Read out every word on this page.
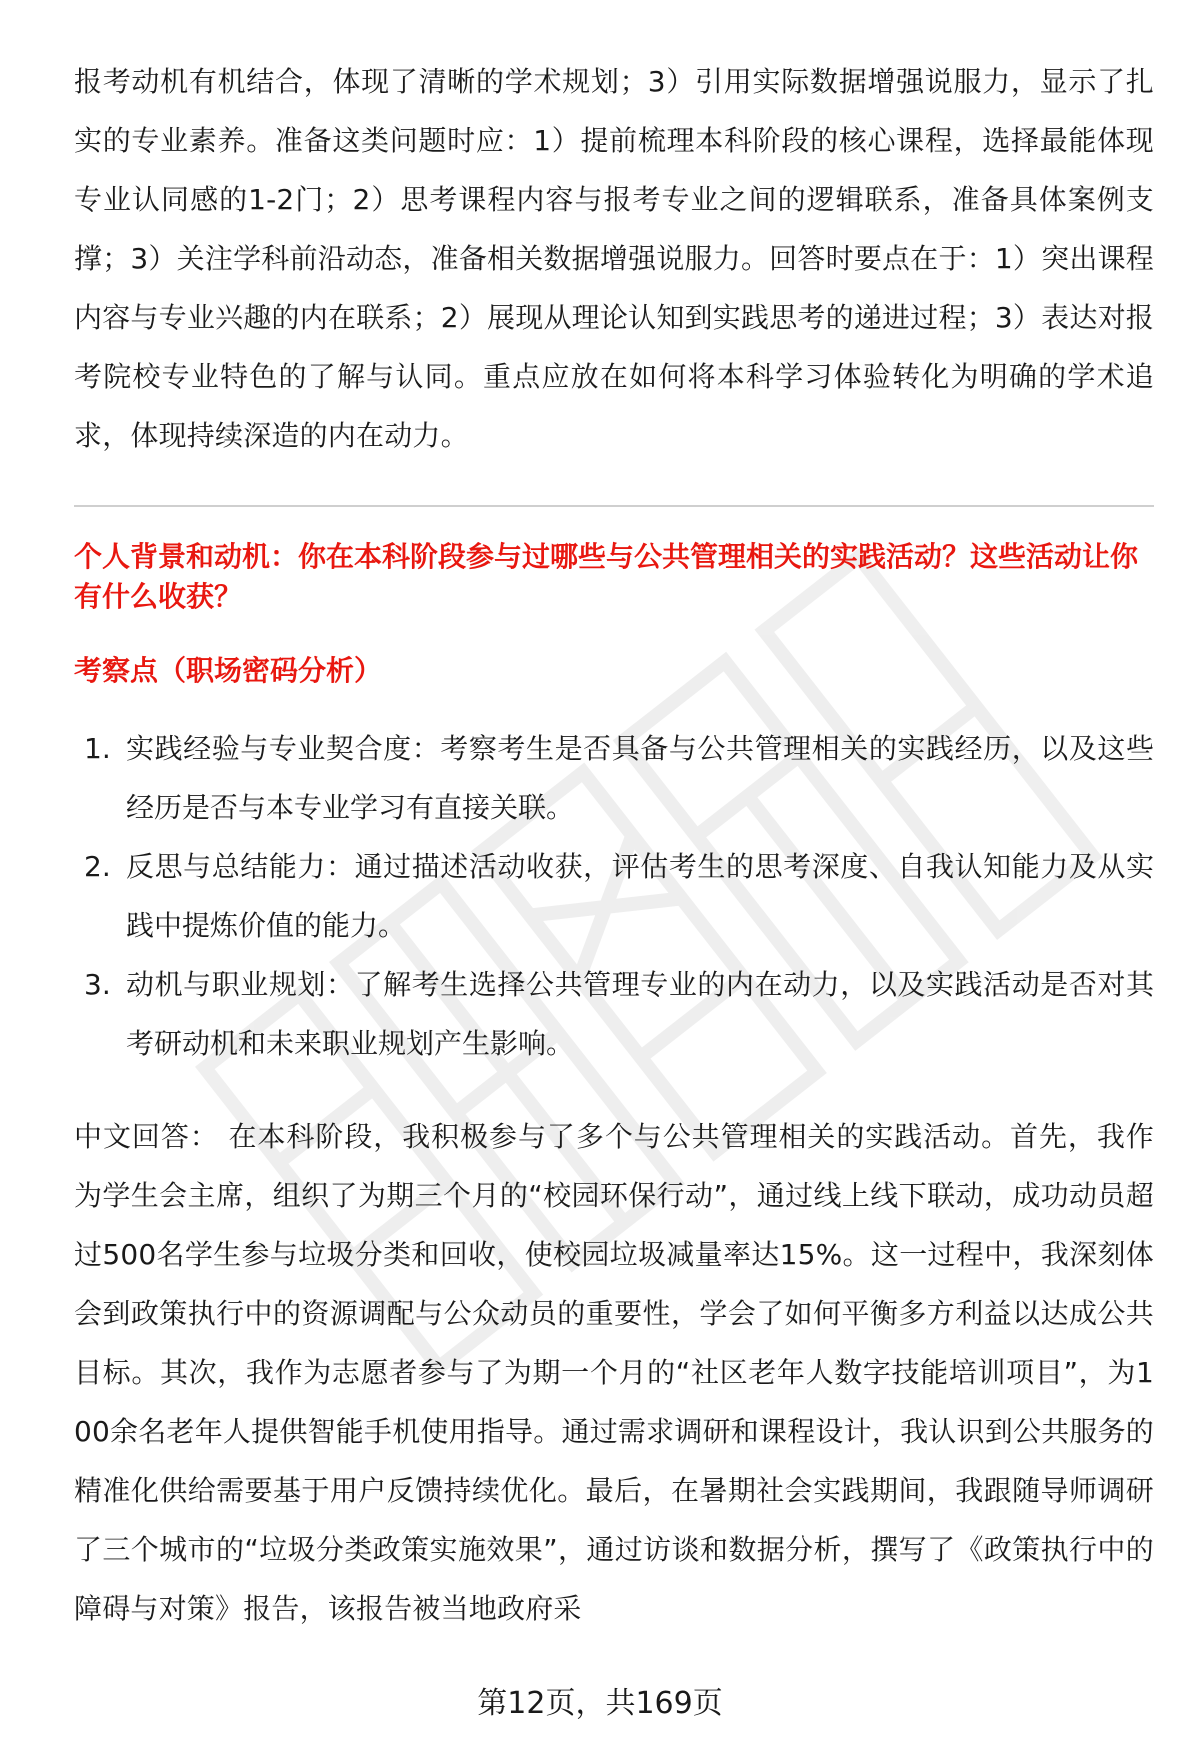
报考动机有机结合，体现了清晰的学术规划；3）引用实际数据增强说服力，显示了扎实的专业素养。准备这类问题时应：1）提前梳理本科阶段的核心课程，选择最能体现专业认同感的1-2门；2）思考课程内容与报考专业之间的逻辑联系，准备具体案例支撑；3）关注学科前沿动态，准备相关数据增强说服力。回答时要点在于：1）突出课程内容与专业兴趣的内在联系；2）展现从理论认知到实践思考的递进过程；3）表达对报考院校专业特色的了解与认同。重点应放在如何将本科学习体验转化为明确的学术追求，体现持续深造的内在动力。

个人背景和动机：你在本科阶段参与过哪些与公共管理相关的实践活动？这些活动让你有什么收获？
考察点（职场密码分析）
1. 实践经验与专业契合度：考察考生是否具备与公共管理相关的实践经历，以及这些经历是否与本专业学习有直接关联。
2. 反思与总结能力：通过描述活动收获，评估考生的思考深度、自我认知能力及从实践中提炼价值的能力。
3. 动机与职业规划：了解考生选择公共管理专业的内在动力，以及实践活动是否对其考研动机和未来职业规划产生影响。

中文回答： 在本科阶段，我积极参与了多个与公共管理相关的实践活动。首先，我作为学生会主席，组织了为期三个月的“校园环保行动”，通过线上线下联动，成功动员超过500名学生参与垃圾分类和回收，使校园垃圾减量率达15%。这一过程中，我深刻体会到政策执行中的资源调配与公众动员的重要性，学会了如何平衡多方利益以达成公共目标。其次，我作为志愿者参与了为期一个月的“社区老年人数字技能培训项目”，为100余名老年人提供智能手机使用指导。通过需求调研和课程设计，我认识到公共服务的精准化供给需要基于用户反馈持续优化。最后，在暑期社会实践期间，我跟随导师调研了三个城市的“垃圾分类政策实施效果”，通过访谈和数据分析，撰写了《政策执行中的障碍与对策》报告，该报告被当地政府采

第12页，共169页
